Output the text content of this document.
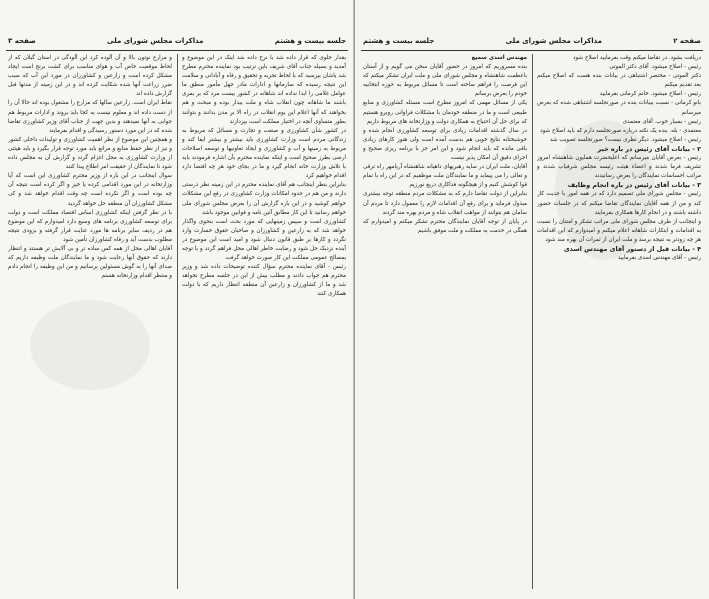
جلسه بیست و هشتم
مذاکرات مجلس شورای ملی
صفحه ۳

بقدار جلوی که قرار داده شد با نرخ داده شد اینک در این موضوع و آمدید و بسیله جناب آقای شریف باین ترتیب بود نماینده محترم مطرح شد باشان بپرسید که با لحاظ تجربه و تحقیق و رفاه و آبادانی و سلامت این نتیجه رسیده که سازمانها و ادارات مادر جهل مأمور منطق ما عوامل غلامی را ابدا نداده اند شاهانه در کشور بیست مرد که بر بمری باشند ما شاهانه چون انقلاب شاه و ملت بیدار بوده و مبحث و هم بخواهند که آنها اعلام این یوم انقلاب در راه الا بر مدن بدانند و بتوانند بطور متساوی آنچه در اختیار مملکت است بپردازند

در کشور شأن کشاورزی و صنعت و تجارت و مسائل که مربوط به زندگانی مردم است وزارت کشاورزی باید بیشتر و بیشتر ایفا کند و مربوط به زمینها و آب و کشاورزی و ایجاد تعاونیها و توسعه اصلاحات ارضی بطرز صحیح است و اینکه نماینده محترم بآن اشاره فرمودند باید با تلاش وزارت خانه انجام گیرد و ما در بجای خود هر چه اقتضا دارد اقدام خواهیم کرد

بنابراین بنظر اینجانب هم آقای نماینده محترم در این زمینه نظر درستی دارند و من هم در حدود امکانات وزارت کشاورزی در رفع این مشکلات خواهم کوشید و در این باره گزارش آن را بعرض مجلس شورای ملی خواهم رسانید تا این کار مطابق آئین نامه و قوانین موجود باشد

کشاورزی است و سپس زمینهایی که مورد بحث است بنحوی واگذار خواهد شد که به زارعین و کشاورزان و صاحبان حقوق خسارت وارد نگردد و کارها بر طبق قانون دنبال شود و امید است این موضوع در آینده نزدیک حل شود و رضایت خاطر اهالی محل فراهم گردد و با توجه بمصالح عمومی مملکت این کار صورت خواهد گرفت

رئیس - آقای نماینده محترم سؤال کننده توضیحات داده شد و وزیر محترم هم جواب دادند و مطلب بیش از این در جلسه مطرح نخواهد شد و ما از کشاورزان و زارعین آن منطقه انتظار داریم که با دولت همکاری کنند

و مزارع نوتون بالا و آن آلوده کرد این آلودگی در استان گیلان که از لحاظ موقعیت خاص آب و هوای مناسب برای کشت برنج است ایجاد مشکل کرده است و زارعین و کشاورزان در مورد این آب که سبب ضرر زراعت آنها شده شکایت کرده اند و در این زمینه از مدتها قبل گزارش داده اند

نقاط ایران است. زارعین سالها که مزارع را مشغول بوده اند حالا آن را از دست داده اند و معلوم نیست به کجا باید بروند و ادارات مربوط هم جوابی به آنها نمیدهند و بدین جهت از جناب آقای وزیر کشاورزی تقاضا شده که در این مورد دستور رسیدگی و اقدام بفرمایند

و همچنین این موضوع از نظر اهمیت کشاورزی و تولیدات داخلی کشور و نیز از نظر حفظ منابع و مراتع باید مورد توجه قرار بگیرد و باید هیئتی از وزارت کشاورزی به محل اعزام گردد و گزارش آن به مجلس داده شود تا نمایندگان از حقیقت امر اطلاع پیدا کنند

سوال اینجانب در این باره از وزیر محترم کشاورزی این است که آیا وزارتخانه در این مورد اقدامی کرده یا خیر و اگر کرده است نتیجه آن چه بوده است و اگر نکرده است چه وقت اقدام خواهد شد و کی مشکل کشاورزان آن منطقه حل خواهد گردید

با در نظر گرفتن اینکه کشاورزی اساس اقتصاد مملکت است و دولت برای توسعه کشاورزی برنامه های وسیع دارد امیدوارم که این موضوع هم در ردیف سایر برنامه ها مورد عنایت قرار گرفته و بزودی نتیجه مطلوب بدست آید و رفاه کشاورزان تأمین شود

آقایان اهالی محل از همه کس ساده تر و بی آلایش تر هستند و انتظار دارند که حقوق آنها رعایت شود و ما نمایندگان ملت وظیفه داریم که صدای آنها را به گوش مسئولین برسانیم و من این وظیفه را انجام دادم و منتظر اقدام وزارتخانه هستم

صفحه ۲
مذاکرات مجلس شورای ملی
جلسه بیست و هشتم

دریافت بشود. در تقاضا میکنم وقت بفرمایید اصلاح شود

رئیس - اصلاح میشود. آقای دکتر الموتی

دکتر الموتی - مختصر اشتباهی در بیانات بنده هست که اصلاح میکنم بعد تقدیم میکنم

رئیس - اصلاح میشود. خانم کرمانی بفرمایید

بانو کرمانی - نسبت ببیانات بنده در صورتجلسه اشتباهی شده که بعرض میرسانم

رئیس - بسیار خوب. آقای معتمدی

معتمدی - بله. بنده یک نکته درباره صورتجلسه دارم که باید اصلاح شود

رئیس - اصلاح میشود. دیگر نظری نیست؟ صورتجلسه تصویب شد

۲ - بیانات آقای رئیس در باره خبر

رئیس - بعرض آقایان میرسانم که اعلیحضرت همایون شاهنشاه امروز تشریف فرما شدند و اعضاء هیئت رئیسه مجلس شرفیاب شدند و مراتب احساسات نمایندگان را بعرض رسانیدند

۳ - بیانات آقای رئیس در باره انجام وظایف

رئیس - مجلس شورای ملی تصمیم دارد که در همه امور با جدیت کار کند و من از همه آقایان نمایندگان تقاضا میکنم که در جلسات حضور داشته باشند و در انجام کارها همکاری بفرمایند

و اینجانب از طرف مجلس شورای ملی مراتب تشکر و امتنان را نسبت به اقدامات و ابتکارات شاهانه اعلام میکنم و امیدوارم که این اقدامات هر چه زودتر به نتیجه برسد و ملت ایران از ثمرات آن بهره مند شود

۴ - بیانات قبل از دستور آقای مهندس اسدی

رئیس - آقای مهندس اسدی بفرمایید

مهندس اسدی سمیع

بنده مسروریم که امروز در حضور آقایان سخن می گویم و از آستان باعظمت شاهنشاه و مجلس شورای ملی و ملت ایران تشکر میکنم که این فرصت را فراهم ساخته است تا مسائل مربوط به حوزه انتخابیه خودم را بعرض برسانم

یکی از مسائل مهمی که امروز مطرح است مسئله کشاورزی و منابع طبیعی است و ما در منطقه خودمان با مشکلات فراوانی روبرو هستیم که برای حل آن احتیاج به همکاری دولت و وزارتخانه های مربوط داریم

در سال گذشته اقدامات زیادی برای توسعه کشاورزی انجام شده و خوشبختانه نتایج خوبی هم بدست آمده است ولی هنوز کارهای زیادی باقی مانده که باید انجام شود و این امر جز با برنامه ریزی صحیح و اجرای دقیق آن امکان پذیر نیست

آقایان، ملت ایران در سایه رهبریهای داهیانه شاهنشاه آریامهر راه ترقی و تعالی را می پیماید و ما نمایندگان ملت موظفیم که در این راه با تمام قوا کوشش کنیم و از هیچگونه فداکاری دریغ نورزیم

بنابراین از دولت تقاضا دارم که به مشکلات مردم منطقه توجه بیشتری مبذول فرماید و برای رفع آن اقدامات لازم را معمول دارد تا مردم آن سامان هم بتوانند از مواهب انقلاب شاه و مردم بهره مند گردند

در پایان از توجه آقایان نمایندگان محترم تشکر میکنم و امیدوارم که همگی در خدمت به مملکت و ملت موفق باشیم
